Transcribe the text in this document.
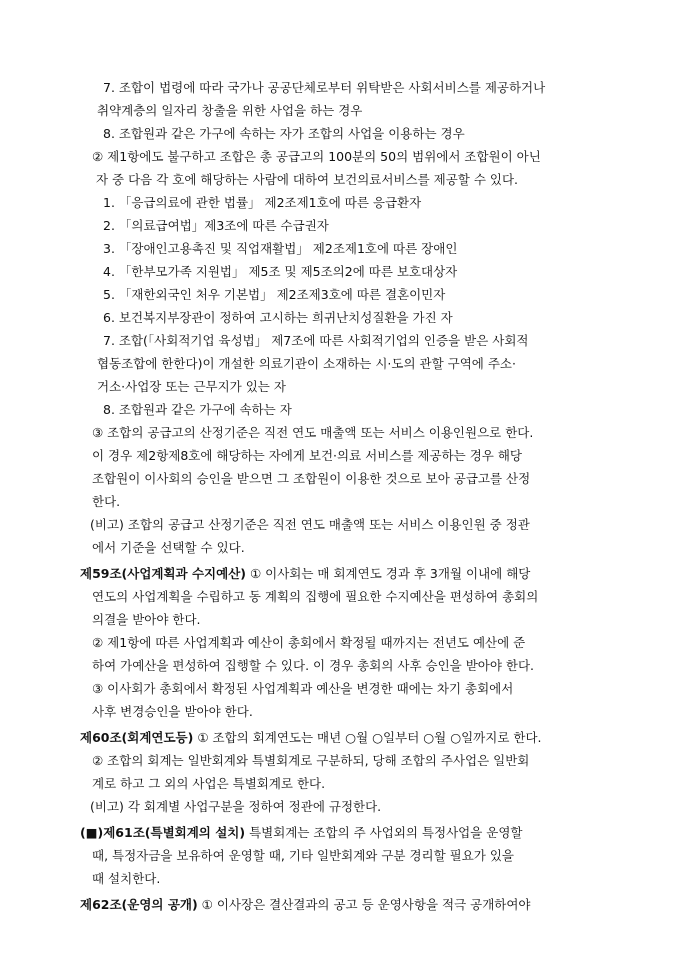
7. 조합이 법령에 따라 국가나 공공단체로부터 위탁받은 사회서비스를 제공하거나
취약계층의 일자리 창출을 위한 사업을 하는 경우
8. 조합원과 같은 가구에 속하는 자가 조합의 사업을 이용하는 경우
② 제1항에도 불구하고 조합은 총 공급고의 100분의 50의 범위에서 조합원이 아닌
자 중 다음 각 호에 해당하는 사람에 대하여 보건의료서비스를 제공할 수 있다.
1. 「응급의료에 관한 법률」 제2조제1호에 따른 응급환자
2. 「의료급여법」제3조에 따른 수급권자
3. 「장애인고용촉진 및 직업재활법」 제2조제1호에 따른 장애인
4. 「한부모가족 지원법」 제5조 및 제5조의2에 따른 보호대상자
5. 「재한외국인 처우 기본법」 제2조제3호에 따른 결혼이민자
6. 보건복지부장관이 정하여 고시하는 희귀난치성질환을 가진 자
7. 조합(「사회적기업 육성법」 제7조에 따른 사회적기업의 인증을 받은 사회적
협동조합에 한한다)이 개설한 의료기관이 소재하는 시·도의 관할 구역에 주소·
거소·사업장 또는 근무지가 있는 자
8. 조합원과 같은 가구에 속하는 자
③ 조합의 공급고의 산정기준은 직전 연도 매출액 또는 서비스 이용인원으로 한다.
이 경우 제2항제8호에 해당하는 자에게 보건·의료 서비스를 제공하는 경우 해당
조합원이 이사회의 승인을 받으면 그 조합원이 이용한 것으로 보아 공급고를 산정
한다.
(비고) 조합의 공급고 산정기준은 직전 연도 매출액 또는 서비스 이용인원 중 정관
에서 기준을 선택할 수 있다.
제59조(사업계획과 수지예산) ① 이사회는 매 회계연도 경과 후 3개월 이내에 해당
연도의 사업계획을 수립하고 동 계획의 집행에 필요한 수지예산을 편성하여 총회의
의결을 받아야 한다.
② 제1항에 따른 사업계획과 예산이 총회에서 확정될 때까지는 전년도 예산에 준
하여 가예산을 편성하여 집행할 수 있다. 이 경우 총회의 사후 승인을 받아야 한다.
③ 이사회가 총회에서 확정된 사업계획과 예산을 변경한 때에는 차기 총회에서
사후 변경승인을 받아야 한다.
제60조(회계연도등) ① 조합의 회계연도는 매년 ○월 ○일부터 ○월 ○일까지로 한다.
② 조합의 회계는 일반회계와 특별회계로 구분하되, 당해 조합의 주사업은 일반회
계로 하고 그 외의 사업은 특별회계로 한다.
(비고) 각 회계별 사업구분을 정하여 정관에 규정한다.
(■)제61조(특별회계의 설치) 특별회계는 조합의 주 사업외의 특정사업을 운영할
때, 특정자금을 보유하여 운영할 때, 기타 일반회계와 구분 경리할 필요가 있을
때 설치한다.
제62조(운영의 공개) ① 이사장은 결산결과의 공고 등 운영사항을 적극 공개하여야
